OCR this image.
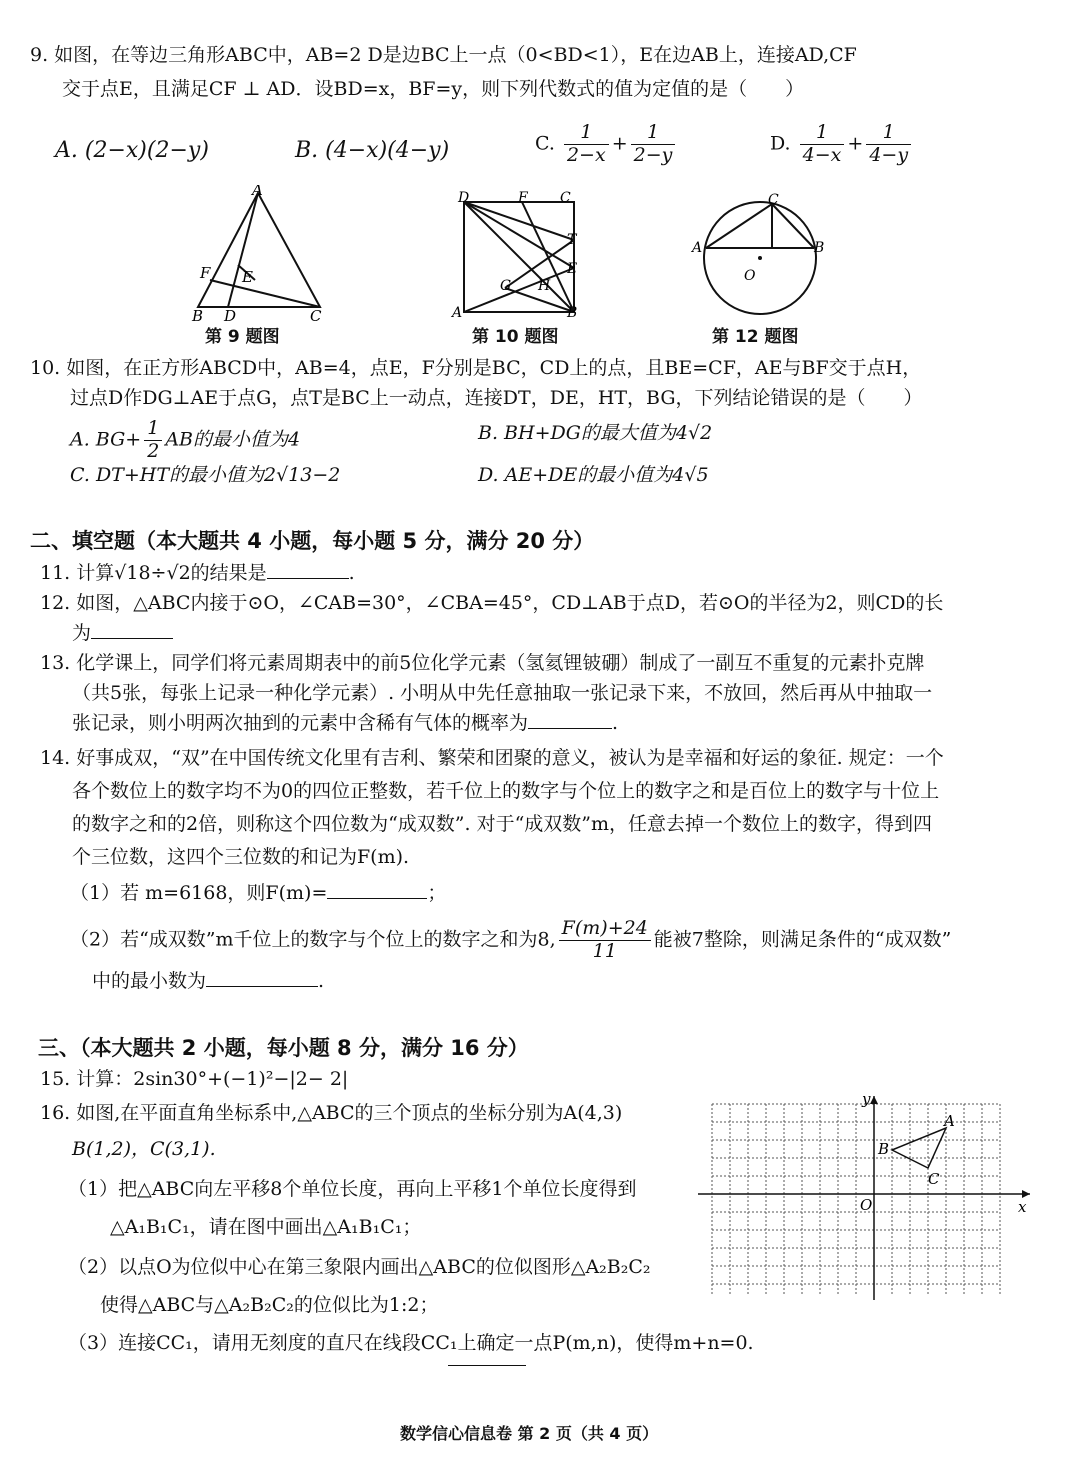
9. 如图，在等边三角形ABC中，AB=2 D是边BC上一点（0<BD<1），E在边AB上，连接AD,CF
交于点E，且满足CF ⊥ AD．设BD=x，BF=y，则下列代数式的值为定值的是（　　）
A. (2−x)(2−y)	B. (4−x)(4−y)	C. $\frac{1}{2-x} + \frac{1}{2-y}$	D. $\frac{1}{4-x} + \frac{1}{4-y}$
A
B D	C
E
F
第 9 题图
D	F C
T
E
H
G
A	B
第 10 题图
C
A	B
O
第 12 题图
10. 如图，在正方形ABCD中，AB=4，点E，F分别是BC，CD上的点，且BE=CF，AE与BF交于点H，
过点D作DG⊥AE于点G，点T是BC上一动点，连接DT，DE，HT，BG，下列结论错误的是（　　）
A. $BG+ \frac{1}{2}$ AB的最小值为4	B. BH+DG的最大值为4√2
C. DT+HT的最小值为2√13−2	D. AE+DE的最小值为4√5
二、填空题（本大题共 4 小题，每小题 5 分，满分 20 分）
11. 计算√18÷√2的结果是	.
12. 如图，△ABC内接于⊙O，∠CAB=30°，∠CBA=45°，CD⊥AB于点D，若⊙O的半径为2，则CD的长
为
13. 化学课上，同学们将元素周期表中的前5位化学元素（氢氦锂铍硼）制成了一副互不重复的元素扑克牌
（共5张，每张上记录一种化学元素）. 小明从中先任意抽取一张记录下来，不放回，然后再从中抽取一
张记录，则小明两次抽到的元素中含稀有气体的概率为	.
14. 好事成双，“双”在中国传统文化里有吉利、繁荣和团聚的意义，被认为是幸福和好运的象征. 规定：一个
各个数位上的数字均不为0的四位正整数，若千位上的数字与个位上的数字之和是百位上的数字与十位上
的数字之和的2倍，则称这个四位数为“成双数”. 对于“成双数”m，任意去掉一个数位上的数字，得到四
个三位数，这四个三位数的和记为F(m).
（1）若 m=6168，则F(m)=	；
（2）若“成双数”m千位上的数字与个位上的数字之和为8, $\frac{F(m)+24}{11}$ 能被7整除，则满足条件的“成双数”
中的最小数为	.
三、（本大题共 2 小题，每小题 8 分，满分 16 分）
15. 计算：2sin30°+(−1)²−|2− 2|
16. 如图,在平面直角坐标系中,△ABC的三个顶点的坐标分别为A(4,3)
B(1,2)，C(3,1).
（1）把△ABC向左平移8个单位长度，再向上平移1个单位长度得到
△A₁B₁C₁，请在图中画出△A₁B₁C₁；
（2）以点O为位似中心在第三象限内画出△ABC的位似图形△A₂B₂C₂
使得△ABC与△A₂B₂C₂的位似比为1:2；
（3）连接CC₁，请用无刻度的直尺在线段CC₁上确定一点P(m,n)，使得m+n=0.
y
x
O
A
B
C
数学信心信息卷 第 2 页（共 4 页）
